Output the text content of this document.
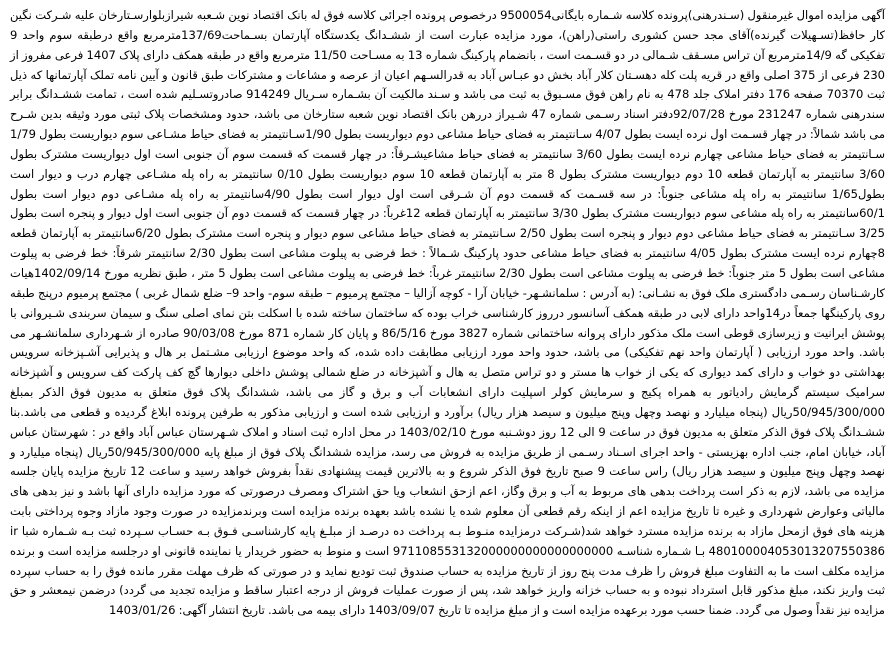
آگهی مزایده اموال غیرمنقول (سـندرهنی)پرونده کلاسه شـماره بایگانی9500054 درخصوص پرونده اجرائی کلاسه فوق له بانک اقتصاد نوین شـعبه شیرازبلوارسـتارخان علیه شـرکت نگین کار حافظ(تسـهیلات گیرنده)آقای مجد حسن کشوری راستی(راهن)، مورد مزایده عبارت است از ششـدانگ یکدستگاه آپارتمان بسـماحت137/69مترمربع واقع درطبقه سوم واحد 9 تفکیکی گه 14/9مترمربع آن تراس مسـقف شـمالی در دو قسـمت است ، بانضمام پارکینگ شماره 13 به مسـاحت 11/50 مترمربع واقع در طبقه همکف دارای پلاک 1407 فرعی مفروز از 230 فرعی از 375 اصلی واقع در قریه پلت کله دهسـتان کلار آباد بخش دو عبـاس آباد به قدرالسـهم اعیان از عرصه و مشاعات و مشترکات طبق قانون و آیین نامه تملک آپارتمانها که ذیل ثبت 70370 صفحه 176 دفتر املاک جلد 478 به نام راهن فوق مسـبوق به ثبت می باشد و سـند مالکیت آن بشـماره سـریال 914249 صادروتسـلیم شده است ، تمامت ششـدانگ برابر سندرهنی شماره 231247 مورخ 92/07/28دفتر اسناد رسـمی شماره 47 شـیراز دررهن بانک اقتصاد نوین شعبه ستارخان می باشد، حدود ومشخصات پلاک ثبتی مورد وثیقه بدین شـرح می باشد شمالاً: در چهار قسـمت اول نرده ایست بطول 4/07 سـانتیمتر به فضای حیاط مشاعی دوم دیواریست بطول 1/90سـانتیمتر به فضای حیاط مشـاعی سوم دیواریست بطول 1/79 سـانتیمتر به فضای حیاط مشاعی چهارم نرده ایست بطول 3/60 سانتیمتر به فضای حیاط مشاعیشـرقاً: در چهار قسمت که قسمت سوم آن جنوبی است اول دیواریست مشترک بطول 3/60 سانتیمتر به آپارتمان قطعه 10 دوم دیواریست مشترک بطول 8 متر به آپارتمان قطعه 10 سوم دیواریست بطول 0/10 سانتیمتر به راه پله مشـاعی چهارم درب و دیوار است بطول1/65 سانتیمتر به راه پله مشاعی جنوباً: در سه قسـمت که قسمت دوم آن شـرقی است اول دیوار است بطول 4/90سانتیمتر به راه پله مشـاعی دوم دیوار است بطول 60/1سانتیمتر به راه پله مشاعی سوم دیواریست مشترک بطول 3/30 سانتیمتر به آپارتمان قطعه 12غرباً: در چهار قسمت که قسمت دوم آن جنوبی است اول دیوار و پنجره است بطول 3/25 سـانتیمتر به فضای حیاط مشاعی دوم دیوار و پنجره است بطول 2/50 سـانتیمتر به فضای حیاط مشاعی سوم دیوار و پنجره است مشترک بطول 6/20سانتیمتر به آپارتمان قطعه 8چهارم نرده ایست مشترک بطول 4/05 سانتیمتر به فضای حیاط مشاعی حدود پارکینگ شـمالاً : خط فرضی به پیلوت مشاعی است بطول 2/30 سانتیمتر شرقاً: خط فرضی به پیلوت مشاعی است بطول 5 متر جنوباً: خط فرضی به پیلوت مشاعی است بطول 2/30 سانتیمتر غرباً: خط فرضی به پیلوت مشاعی است بطول 5 متر ، طبق نظریه مورخ 1402/09/14هیات کارشـناسان رسـمی دادگستری ملک فوق به نشـانی: (به آدرس : سلمانشـهر- خیابان آرا - کوچه آزالیا – مجتمع پرمیوم – طبقه سوم- واحد 9– ضلع شمال غربی ) مجتمع پرمیوم درپنج طبقه روی پارکینگها جمعاً در14واحد دارای لابی در طبقه همکف آسانسور درروز کارشناسی خراب بوده که ساختمان ساخته شده با اسکلت بتن نمای اصلی سنگ و سیمان سربندی شـیروانی با پوشش ایرانیت و زیرسازی قوطی است ملک مذکور دارای پروانه ساختمانی شماره 3827 مورخ 86/5/16 و پایان کار شماره 871 مورخ 90/03/08 صادره از شـهرداری سلمانشـهر می باشد. واحد مورد ارزیابی ( آپارتمان واحد نهم تفکیکی) می باشد، حدود واحد مورد ارزیابی مطابقت داده شده، که واحد موضوع ارزیابی مشـتمل بر هال و پذیرایی آشـپزخانه سرویس بهداشتی دو خواب و دارای کمد دیواری که یکی از خواب ها مستر و دو تراس متصل به هال و آشپزخانه در ضلع شمالی پوشش داخلی دیوارها گچ کف پارکت کف سرویس و آشپزخانه سرامیک سیستم گرمایش رادیاتور به همراه پکیج و سرمایش کولر اسپلیت دارای انشعابات آب و برق و گاز می باشد، ششدانگ پلاک فوق متعلق به مدیون فوق الذکر بمبلغ 50/945/300/000ریال (پنجاه میلیارد و نهصد وچهل وپنج میلیون و سیصد هزار ریال) برآورد و ارزیابی شده است و ارزیابی مذکور به طرفین پرونده ابلاغ گردیده و قطعی می باشد.بنا ششـدانگ پلاک فوق الذکر متعلق به مدیون فوق در ساعت 9 الی 12 روز دوشـنبه مورخ 1403/02/10 در محل اداره ثبت اسناد و املاک شـهرستان عباس آباد واقع در : شهرستان عباس آباد، خیابان امام، جنب اداره بهزیستی - واحد اجرای اسـناد رسـمی از طریق مزایده به فروش می رسد، مزایده ششدانگ پلاک فوق از مبلغ پایه 50/945/300/000ریال (پنجاه میلیارد و نهصد وچهل وپنج میلیون و سیصد هزار ریال) راس ساعت 9 صبح تاریخ فوق الذکر شروع و به بالاترین قیمت پیشنهادی نقداً بفروش خواهد رسید و ساعت 12 تاریخ مزایده پایان جلسه مزایده می باشد، لازم به ذکر است پرداخت بدهی های مربوط به آب و برق وگاز، اعم ازحق انشعاب ویا حق اشتراک ومصرف درصورتی که مورد مزایده دارای آنها باشد و نیز بدهی های مالیاتی وعوارض شهرداری و غیره تا تاریخ مزایده اعم از اینکه رقم قطعی آن معلوم شده یا نشده باشد بعهده برنده مزایده است وبرندمزایده در صورت وجود مازاد وجوه پرداختی بابت هزینه های فوق ازمحل مازاد به برنده مزایده مسترد خواهد شد(شـرکت درمزایده منـوط بـه پرداخت ده درصـد از مبلـغ پایه کارشناسـی فـوق بـه حسـاب سـپرده ثبت بـه شـماره شبا ir 480100004053013207550386 بـا شـماره شناسـه 971108553132000000000000000000 است و منوط به حضور خریدار یا نماینده قانونی او درجلسه مزایده است و برنده مزایده مکلف است ما به التفاوت مبلغ فروش را ظرف مدت پنج روز از تاریخ مزایده به حساب صندوق ثبت تودیع نماید و در صورتی که ظرف مهلت مقرر مانده فوق را به حساب سپرده ثبت واریز نکند، مبلغ مذکور قابل استرداد نبوده و به حساب خزانه واریز خواهد شد، پس از صورت عملیات فروش از درجه اعتبار ساقط و مزایده تجدید می گردد) درضمن نیمعشر و حق مزایده نیز نقداً وصول می گردد. ضمنا حسب مورد برعهده مزایده است و از مبلغ مزایده تا تاریخ 1403/09/07 دارای بیمه می باشد. تاریخ انتشار آگهی: 1403/01/26
